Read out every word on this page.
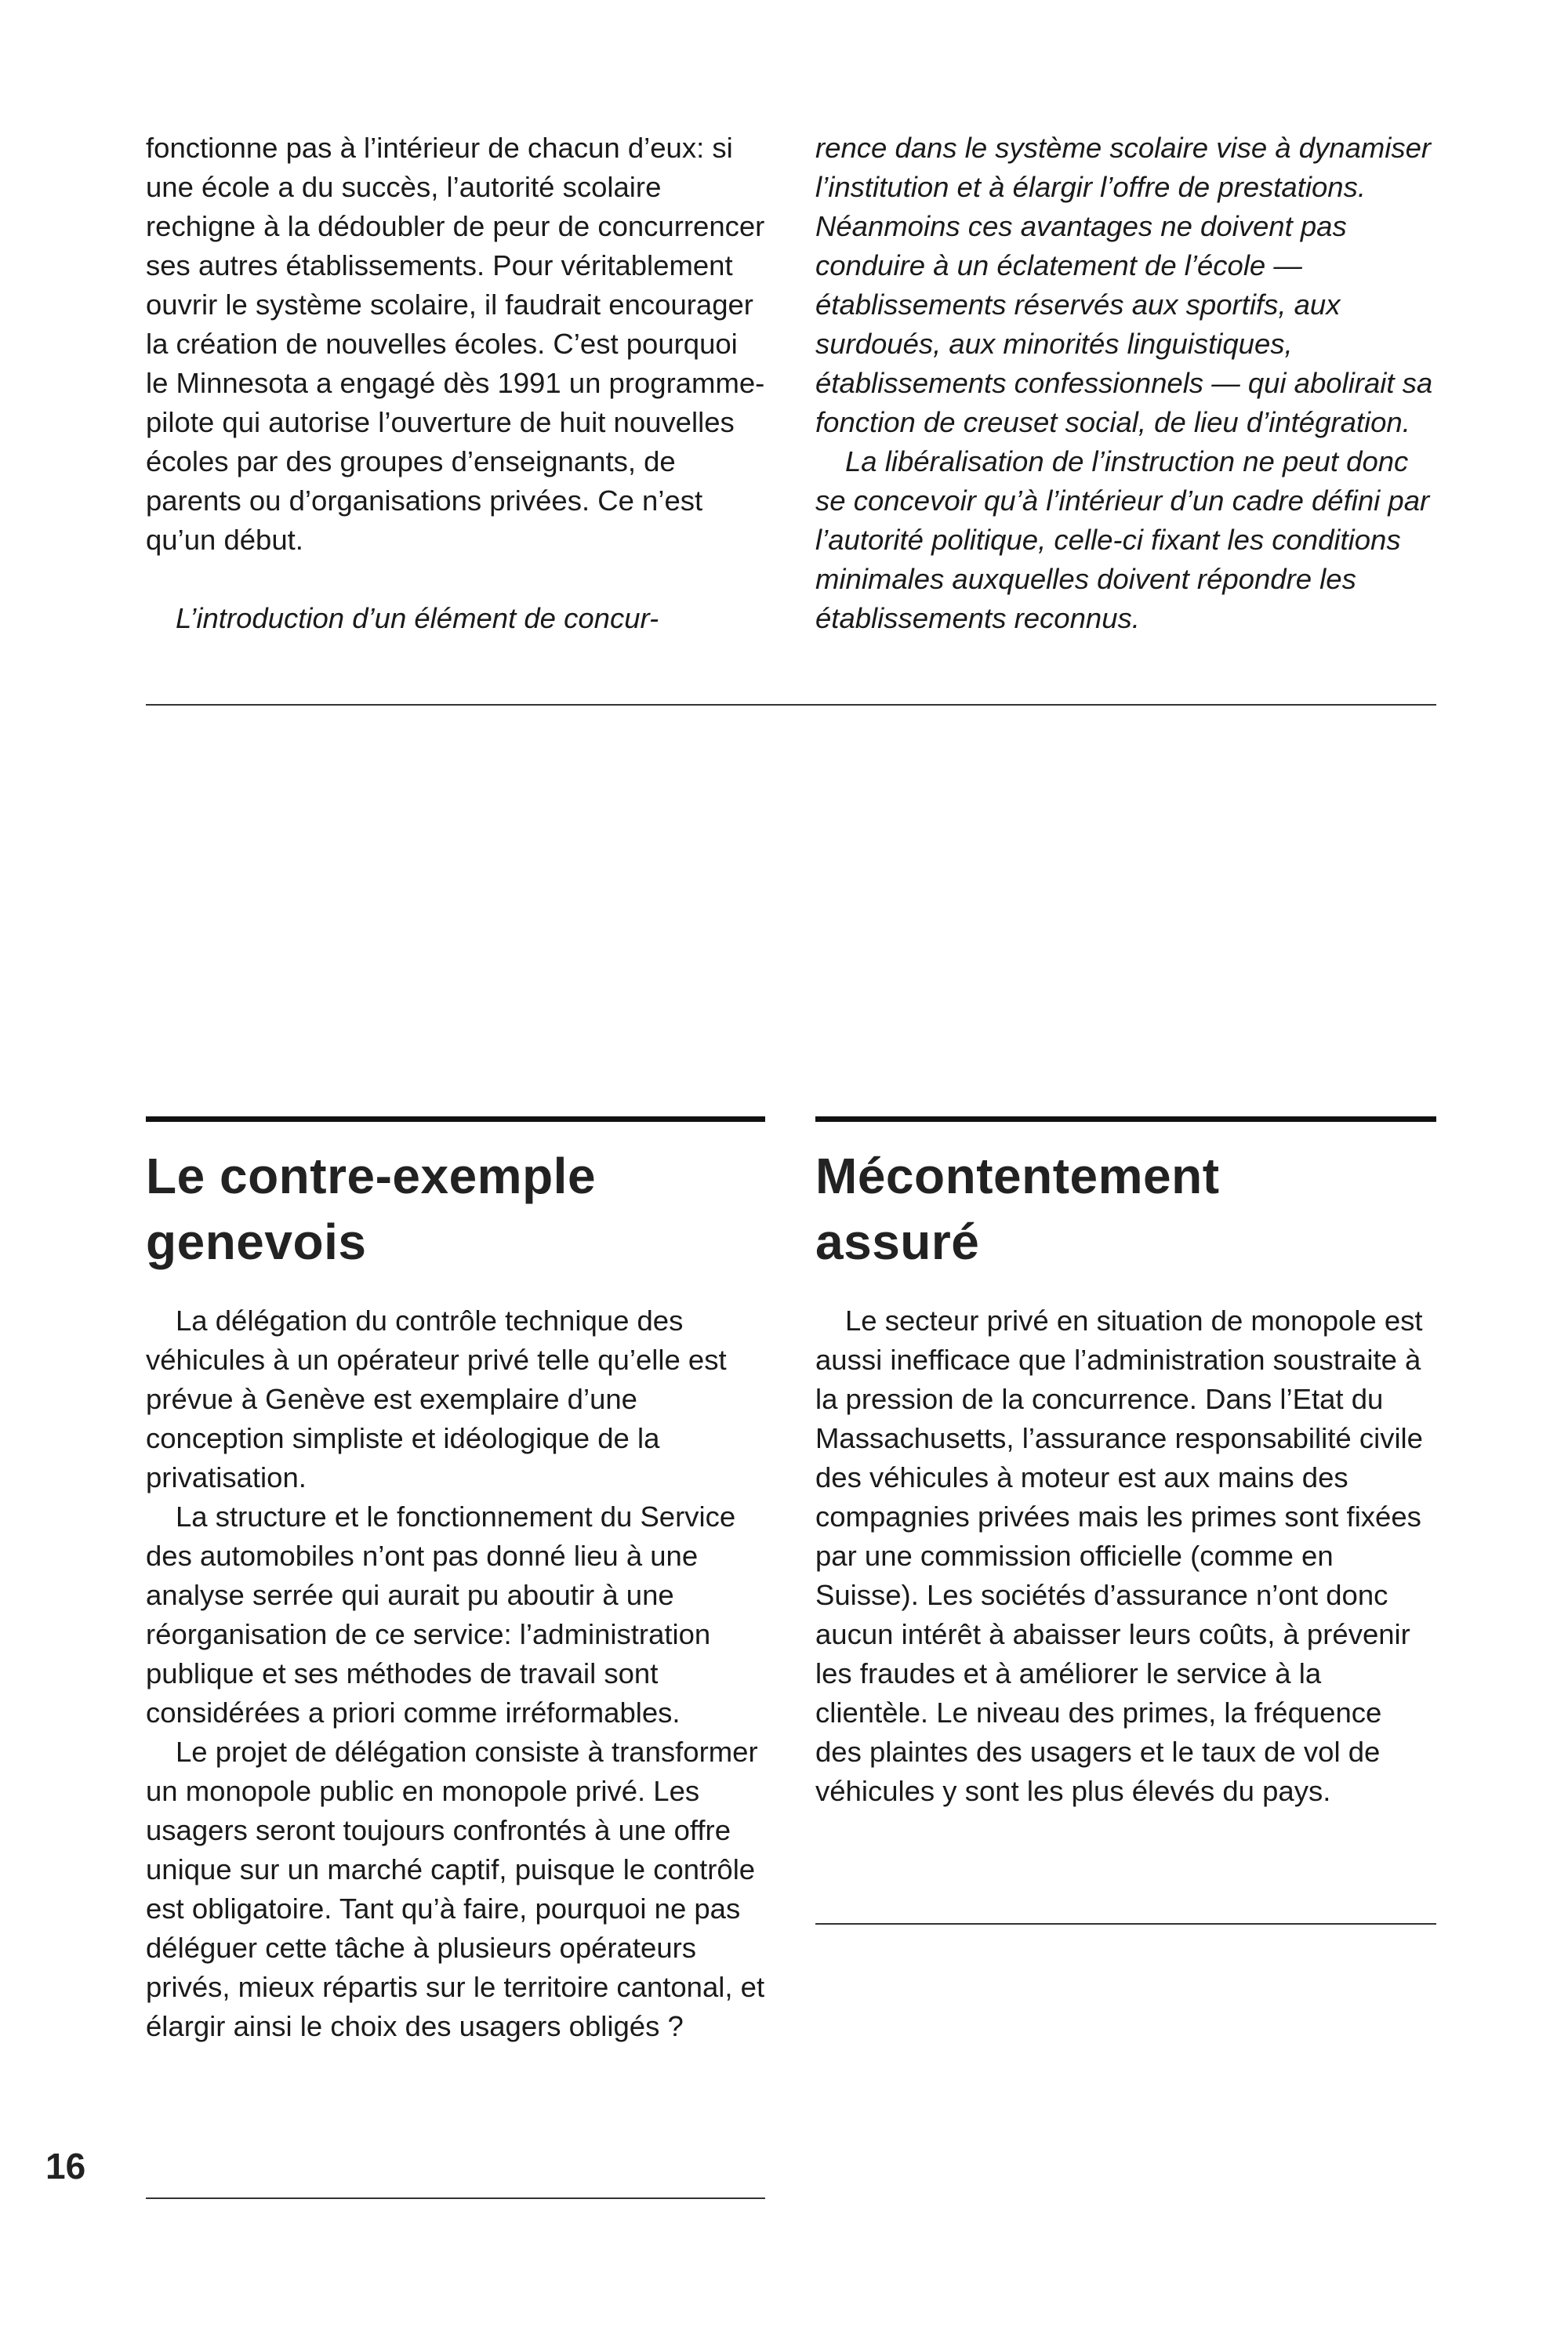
fonctionne pas à l’intérieur de chacun d’eux: si une école a du succès, l’autorité scolaire rechigne à la dédoubler de peur de concurrencer ses autres établissements. Pour véritablement ouvrir le système scolaire, il faudrait encourager la création de nouvelles écoles. C’est pourquoi le Minnesota a engagé dès 1991 un programme-pilote qui autorise l’ouverture de huit nouvelles écoles par des groupes d’enseignants, de parents ou d’organisations privées. Ce n’est qu’un début.

L’introduction d’un élément de concur-

rence dans le système scolaire vise à dynamiser l’institution et à élargir l’offre de prestations. Néanmoins ces avantages ne doivent pas conduire à un éclatement de l’école — établissements réservés aux sportifs, aux surdoués, aux minorités linguistiques, établissements confessionnels — qui abolirait sa fonction de creuset social, de lieu d’intégration.

La libéralisation de l’instruction ne peut donc se concevoir qu’à l’intérieur d’un cadre défini par l’autorité politique, celle-ci fixant les conditions minimales auxquelles doivent répondre les établissements reconnus.

Le contre-exemple
genevois

La délégation du contrôle technique des véhicules à un opérateur privé telle qu’elle est prévue à Genève est exemplaire d’une conception simpliste et idéologique de la privatisation.

La structure et le fonctionnement du Service des automobiles n’ont pas donné lieu à une analyse serrée qui aurait pu aboutir à une réorganisation de ce service: l’administration publique et ses méthodes de travail sont considérées a priori comme irréformables.

Le projet de délégation consiste à transformer un monopole public en monopole privé. Les usagers seront toujours confrontés à une offre unique sur un marché captif, puisque le contrôle est obligatoire. Tant qu’à faire, pourquoi ne pas déléguer cette tâche à plusieurs opérateurs privés, mieux répartis sur le territoire cantonal, et élargir ainsi le choix des usagers obligés ?

Mécontentement
assuré

Le secteur privé en situation de monopole est aussi inefficace que l’administration soustraite à la pression de la concurrence. Dans l’Etat du Massachusetts, l’assurance responsabilité civile des véhicules à moteur est aux mains des compagnies privées mais les primes sont fixées par une commission officielle (comme en Suisse). Les sociétés d’assurance n’ont donc aucun intérêt à abaisser leurs coûts, à prévenir les fraudes et à améliorer le service à la clientèle. Le niveau des primes, la fréquence des plaintes des usagers et le taux de vol de véhicules y sont les plus élevés du pays.

16
